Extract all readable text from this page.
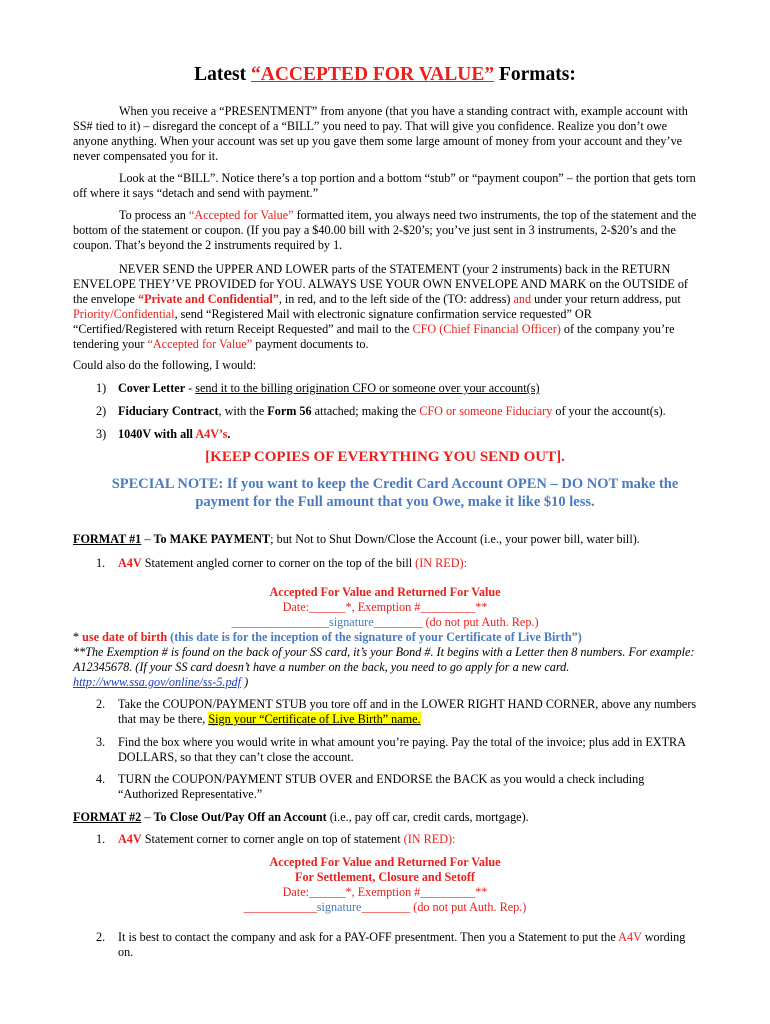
Latest “ACCEPTED FOR VALUE” Formats:
When you receive a “PRESENTMENT” from anyone (that you have a standing contract with, example account with SS# tied to it) – disregard the concept of a “BILL” you need to pay. That will give you confidence. Realize you don’t owe anyone anything. When your account was set up you gave them some large amount of money from your account and they’ve never compensated you for it.
Look at the “BILL”. Notice there’s a top portion and a bottom “stub” or “payment coupon” – the portion that gets torn off where it says “detach and send with payment.”
To process an “Accepted for Value” formatted item, you always need two instruments, the top of the statement and the bottom of the statement or coupon. (If you pay a $40.00 bill with 2-$20’s; you’ve just sent in 3 instruments, 2-$20’s and the coupon. That’s beyond the 2 instruments required by 1.
NEVER SEND the UPPER AND LOWER parts of the STATEMENT (your 2 instruments) back in the RETURN ENVELOPE THEY’VE PROVIDED for YOU. ALWAYS USE YOUR OWN ENVELOPE AND MARK on the OUTSIDE of the envelope “Private and Confidential”, in red, and to the left side of the (TO: address) and under your return address, put Priority/Confidential, send “Registered Mail with electronic signature confirmation service requested” OR “Certified/Registered with return Receipt Requested” and mail to the CFO (Chief Financial Officer) of the company you’re tendering your “Accepted for Value” payment documents to.
Could also do the following, I would:
1) Cover Letter - send it to the billing origination CFO or someone over your account(s)
2) Fiduciary Contract, with the Form 56 attached; making the CFO or someone Fiduciary of your the account(s).
3) 1040V with all A4V’s.
[KEEP COPIES OF EVERYTHING YOU SEND OUT].
SPECIAL NOTE: If you want to keep the Credit Card Account OPEN – DO NOT make the payment for the Full amount that you Owe, make it like $10 less.
FORMAT #1 – To MAKE PAYMENT; but Not to Shut Down/Close the Account (i.e., your power bill, water bill).
1. A4V Statement angled corner to corner on the top of the bill (IN RED):
Accepted For Value and Returned For Value
Date:______*, Exemption #_________**
________________signature________ (do not put Auth. Rep.)
* use date of birth (this date is for the inception of the signature of your Certificate of Live Birth”)
**The Exemption # is found on the back of your SS card, it’s your Bond #. It begins with a Letter then 8 numbers. For example: A12345678. (If your SS card doesn’t have a number on the back, you need to go apply for a new card.
http://www.ssa.gov/online/ss-5.pdf )
2. Take the COUPON/PAYMENT STUB you tore off and in the LOWER RIGHT HAND CORNER, above any numbers that may be there, Sign your “Certificate of Live Birth” name.
3. Find the box where you would write in what amount you’re paying. Pay the total of the invoice; plus add in EXTRA DOLLARS, so that they can’t close the account.
4. TURN the COUPON/PAYMENT STUB OVER and ENDORSE the BACK as you would a check including “Authorized Representative.”
FORMAT #2 – To Close Out/Pay Off an Account (i.e., pay off car, credit cards, mortgage).
1. A4V Statement corner to corner angle on top of statement (IN RED):
Accepted For Value and Returned For Value
For Settlement, Closure and Setoff
Date:______*, Exemption #_________**
____________signature________ (do not put Auth. Rep.)
2. It is best to contact the company and ask for a PAY-OFF presentment. Then you a Statement to put the A4V wording on.
